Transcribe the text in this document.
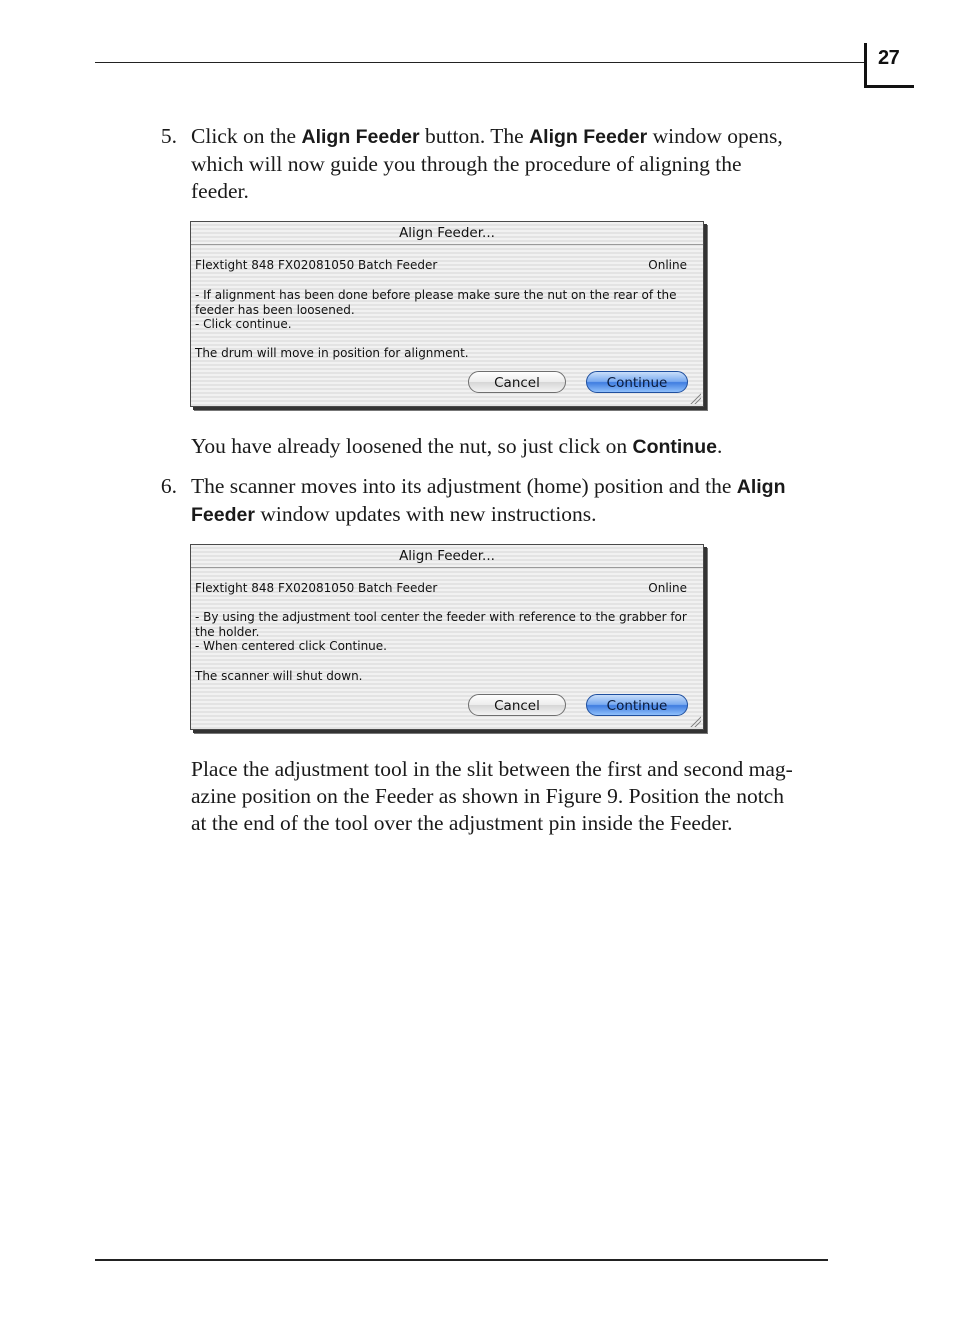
27
5. Click on the Align Feeder button. The Align Feeder window opens,
which will now guide you through the procedure of aligning the
feeder.
Align Feeder...
Flextight 848 FX02081050 Batch Feeder	Online
- If alignment has been done before please make sure the nut on the rear of the
feeder has been loosened.
- Click continue.
The drum will move in position for alignment.
Cancel	Continue
You have already loosened the nut, so just click on Continue.
6. The scanner moves into its adjustment (home) position and the Align
Feeder window updates with new instructions.
Align Feeder...
Flextight 848 FX02081050 Batch Feeder	Online
- By using the adjustment tool center the feeder with reference to the grabber for
the holder.
- When centered click Continue.
The scanner will shut down.
Cancel	Continue
Place the adjustment tool in the slit between the first and second mag-
azine position on the Feeder as shown in Figure 9. Position the notch
at the end of the tool over the adjustment pin inside the Feeder.
